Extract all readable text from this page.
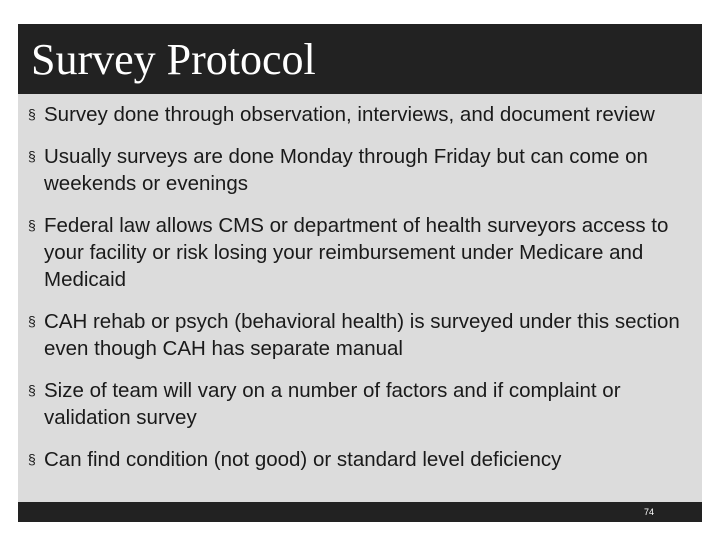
Survey Protocol
§ Survey done through observation, interviews, and document review
§ Usually surveys are done Monday through Friday but can come on weekends or evenings
§ Federal law allows CMS or department of health surveyors access to your facility or risk losing your reimbursement under Medicare and Medicaid
§ CAH rehab or psych (behavioral health) is surveyed under this section even though CAH has separate manual
§ Size of team will vary on a number of factors and if complaint or validation survey
§ Can find condition (not good) or standard level deficiency
74
